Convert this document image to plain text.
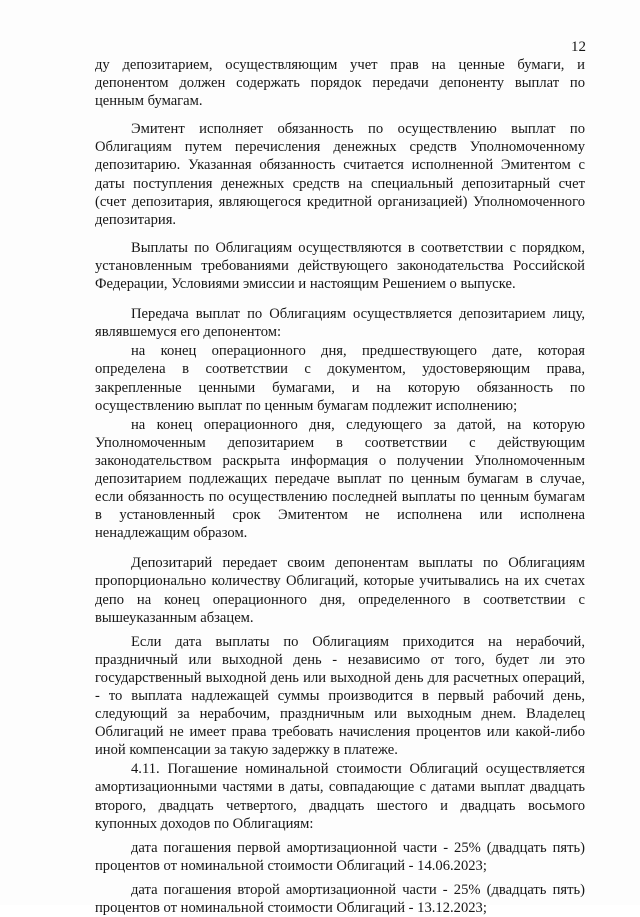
12

ду депозитарием, осуществляющим учет прав на ценные бумаги, и депонентом должен содержать порядок передачи депоненту выплат по ценным бумагам.

Эмитент исполняет обязанность по осуществлению выплат по Облигациям путем перечисления денежных средств Уполномоченному депозитарию. Указанная обязанность считается исполненной Эмитентом с даты поступления денежных средств на специальный депозитарный счет (счет депозитария, являющегося кредитной организацией) Уполномоченного депозитария.

Выплаты по Облигациям осуществляются в соответствии с порядком, установленным требованиями действующего законодательства Российской Федерации, Условиями эмиссии и настоящим Решением о выпуске.

Передача выплат по Облигациям осуществляется депозитарием лицу, являвшемуся его депонентом:

на конец операционного дня, предшествующего дате, которая определена в соответствии с документом, удостоверяющим права, закрепленные ценными бумагами, и на которую обязанность по осуществлению выплат по ценным бумагам подлежит исполнению;

на конец операционного дня, следующего за датой, на которую Уполномоченным депозитарием в соответствии с действующим законодательством раскрыта информация о получении Уполномоченным депозитарием подлежащих передаче выплат по ценным бумагам в случае, если обязанность по осуществлению последней выплаты по ценным бумагам в установленный срок Эмитентом не исполнена или исполнена ненадлежащим образом.

Депозитарий передает своим депонентам выплаты по Облигациям пропорционально количеству Облигаций, которые учитывались на их счетах депо на конец операционного дня, определенного в соответствии с вышеуказанным абзацем.

Если дата выплаты по Облигациям приходится на нерабочий, праздничный или выходной день - независимо от того, будет ли это государственный выходной день или выходной день для расчетных операций, - то выплата надлежащей суммы производится в первый рабочий день, следующий за нерабочим, праздничным или выходным днем. Владелец Облигаций не имеет права требовать начисления процентов или какой-либо иной компенсации за такую задержку в платеже.

4.11. Погашение номинальной стоимости Облигаций осуществляется амортизационными частями в даты, совпадающие с датами выплат двадцать второго, двадцать четвертого, двадцать шестого и двадцать восьмого купонных доходов по Облигациям:

дата погашения первой амортизационной части - 25% (двадцать пять) процентов от номинальной стоимости Облигаций - 14.06.2023;

дата погашения второй амортизационной части - 25% (двадцать пять) процентов от номинальной стоимости Облигаций - 13.12.2023;
